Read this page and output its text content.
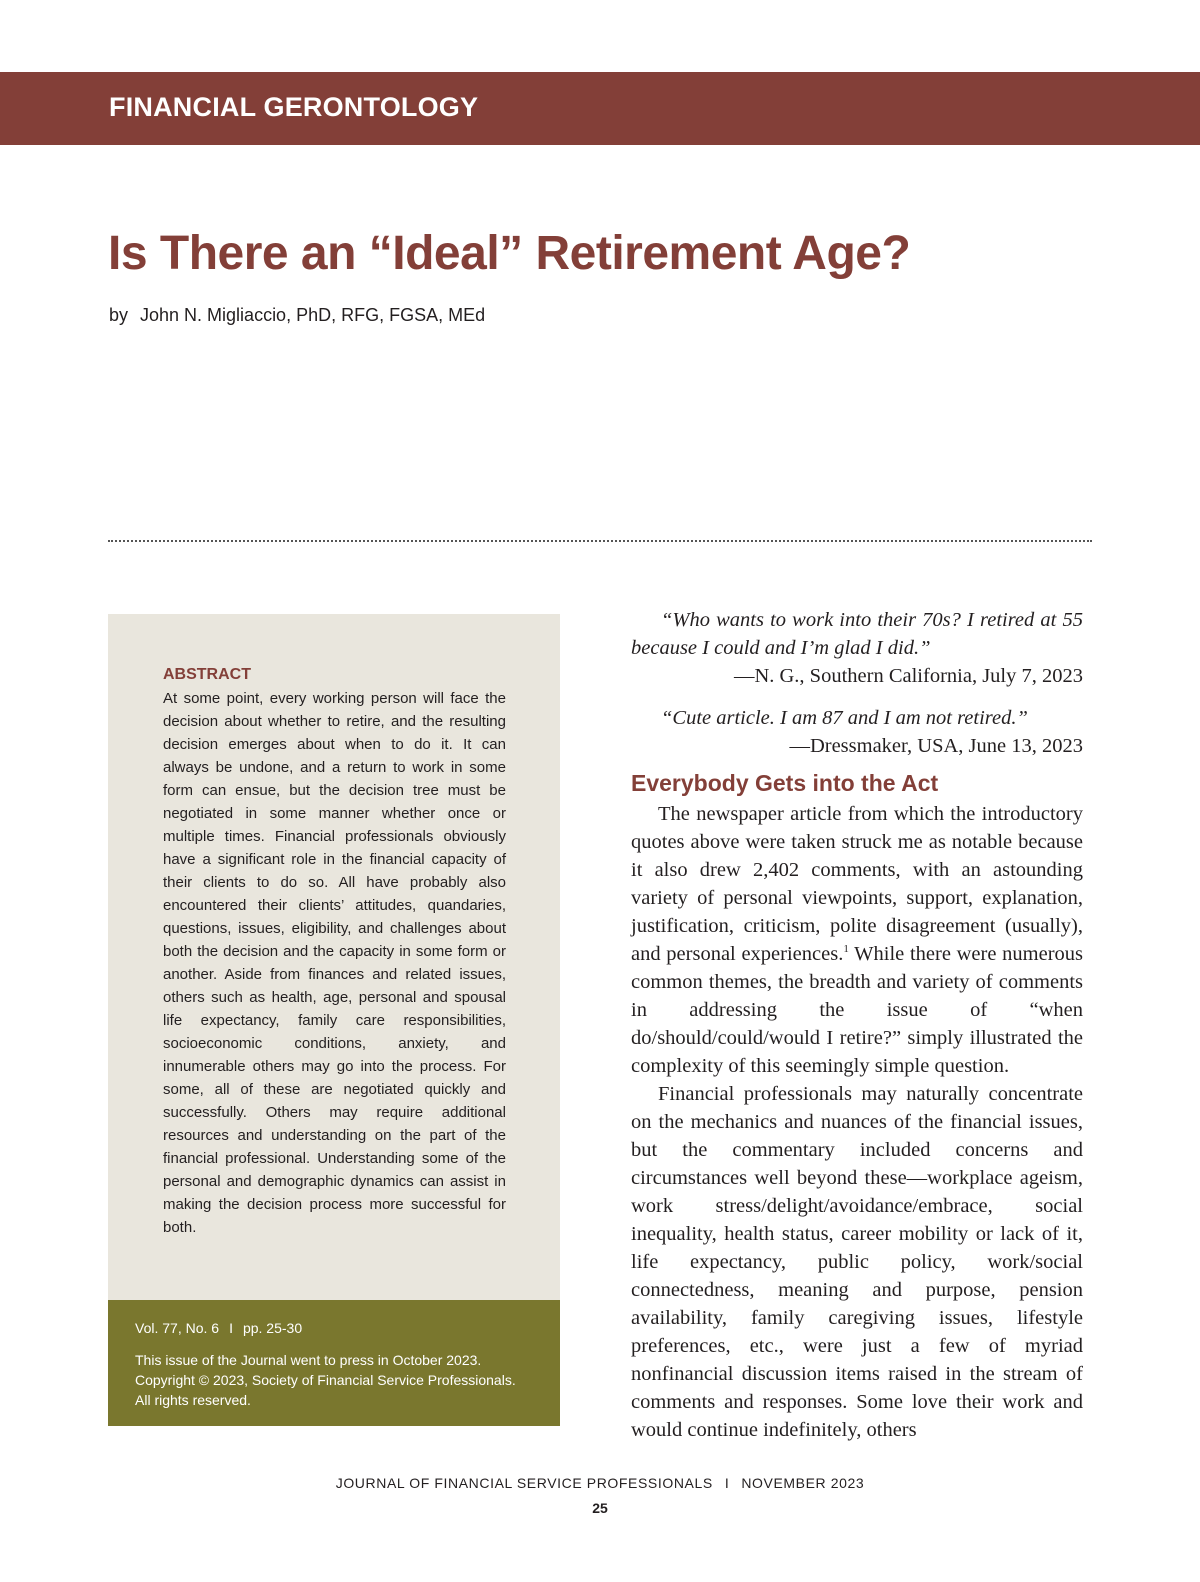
FINANCIAL GERONTOLOGY
Is There an “Ideal” Retirement Age?
by John N. Migliaccio, PhD, RFG, FGSA, MEd
ABSTRACT
At some point, every working person will face the decision about whether to retire, and the resulting decision emerges about when to do it. It can always be undone, and a return to work in some form can ensue, but the decision tree must be negotiated in some manner whether once or multiple times. Financial professionals obviously have a significant role in the financial capacity of their clients to do so. All have probably also encountered their clients’ attitudes, quandaries, questions, issues, eligibility, and challenges about both the decision and the capacity in some form or another. Aside from finances and related issues, others such as health, age, personal and spousal life expectancy, family care responsibilities, socioeconomic conditions, anxiety, and innumerable others may go into the process. For some, all of these are negotiated quickly and successfully. Others may require additional resources and understanding on the part of the financial professional. Understanding some of the personal and demographic dynamics can assist in making the decision process more successful for both.
Vol. 77, No. 6 I pp. 25-30
This issue of the Journal went to press in October 2023.
Copyright © 2023, Society of Financial Service Professionals.
All rights reserved.

“Who wants to work into their 70s? I retired at 55 because I could and I’m glad I did.”

—N. G., Southern California, July 7, 2023

“Cute article. I am 87 and I am not retired.”

—Dressmaker, USA, June 13, 2023

Everybody Gets into the Act

The newspaper article from which the introductory quotes above were taken struck me as notable because it also drew 2,402 comments, with an astounding variety of personal viewpoints, support, explanation, justification, criticism, polite disagreement (usually), and personal experiences.$^1$ While there were numerous common themes, the breadth and variety of comments in addressing the issue of “when do/should/could/would I retire?” simply illustrated the complexity of this seemingly simple question.

Financial professionals may naturally concentrate on the mechanics and nuances of the financial issues, but the commentary included concerns and circumstances well beyond these—workplace ageism, work stress/delight/avoidance/embrace, social inequality, health status, career mobility or lack of it, life expectancy, public policy, work/social connectedness, meaning and purpose, pension availability, family caregiving issues, lifestyle preferences, etc., were just a few of myriad nonfinancial discussion items raised in the stream of comments and responses. Some love their work and would continue indefinitely, others

JOURNAL OF FINANCIAL SERVICE PROFESSIONALS I NOVEMBER 2023
25
